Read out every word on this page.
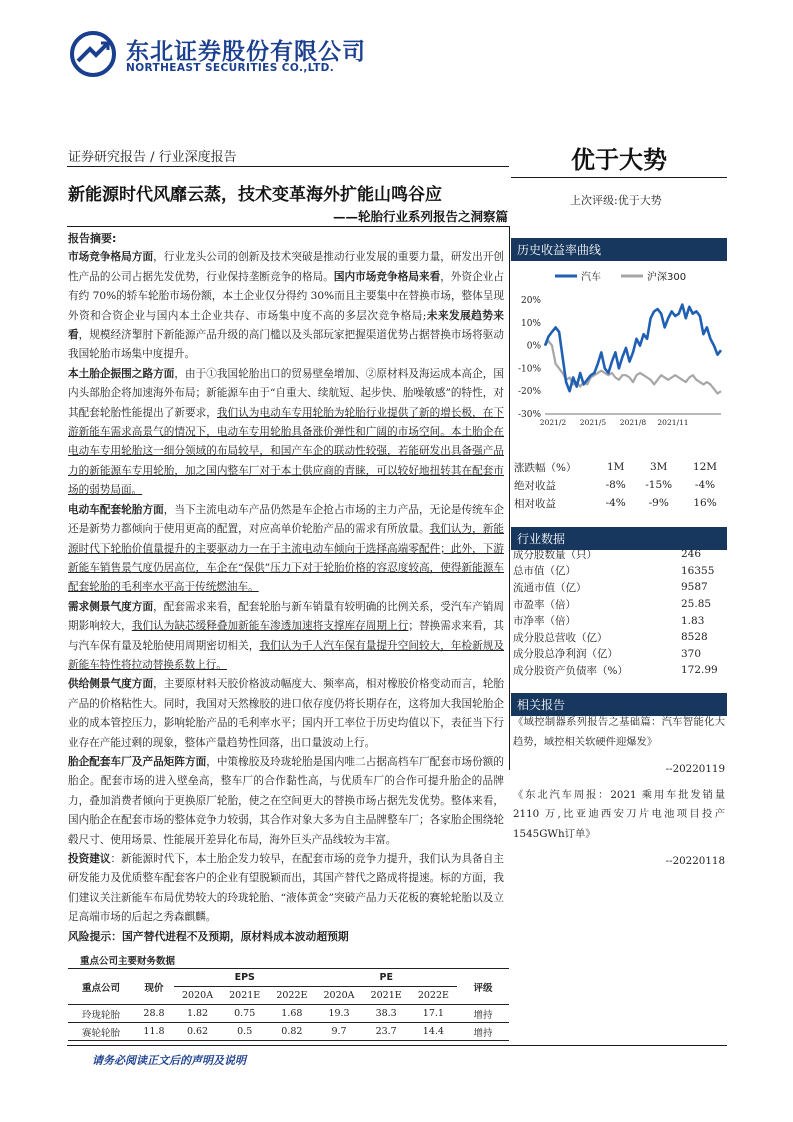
东北证券股份有限公司
NORTHEAST SECURITIES CO.,LTD.
证券研究报告 / 行业深度报告	优于大势
上次评级:优于大势
新能源时代风靡云蒸，技术变革海外扩能山鸣谷应
——轮胎行业系列报告之洞察篇
报告摘要:

市场竞争格局方面，行业龙头公司的创新及技术突破是推动行业发展的重要力量，研发出开创性产品的公司占据先发优势，行业保持垄断竞争的格局。国内市场竞争格局来看，外资企业占有约 70%的轿车轮胎市场份额，本土企业仅分得约 30%而且主要集中在替换市场，整体呈现外资和合资企业与国内本土企业共存、市场集中度不高的多层次竞争格局;未来发展趋势来看，规模经济掣肘下新能源产品升级的高门槛以及头部玩家把握渠道优势占据替换市场将驱动我国轮胎市场集中度提升。

本土胎企振围之路方面，由于①我国轮胎出口的贸易壁垒增加、②原材料及海运成本高企，国内头部胎企将加速海外布局；新能源车由于“自重大、续航短、起步快、胎噪敏感”的特性，对其配套轮胎性能提出了新要求，我们认为电动车专用轮胎为轮胎行业提供了新的增长极，在下游新能车需求高景气的情况下，电动车专用轮胎具备涨价弹性和广阔的市场空间。本土胎企在电动车专用轮胎这一细分领域的布局较早，和国产车企的联动性较强，若能研发出具备强产品力的新能源车专用轮胎，加之国内整车厂对于本土供应商的青睐，可以较好地扭转其在配套市场的弱势局面。

电动车配套轮胎方面，当下主流电动车产品仍然是车企抢占市场的主力产品，无论是传统车企还是新势力都倾向于使用更高的配置，对应高单价轮胎产品的需求有所放量。我们认为，新能源时代下轮胎价值量提升的主要驱动力一在于主流电动车倾向于选择高端零配件；此外，下游新能车销售景气度仍居高位，车企在“保供”压力下对于轮胎价格的容忍度较高，使得新能源车配套轮胎的毛利率水平高于传统燃油车。

需求侧景气度方面，配套需求来看，配套轮胎与新车销量有较明确的比例关系，受汽车产销周期影响较大，我们认为缺芯缓释叠加新能车渗透加速将支撑库存周期上行；替换需求来看，其与汽车保有量及轮胎使用周期密切相关，我们认为千人汽车保有量提升空间较大，年检新规及新能车特性将拉动替换系数上行。

供给侧景气度方面，主要原材料天胶价格波动幅度大、频率高，相对橡胶价格变动而言，轮胎产品的价格粘性大。同时，我国对天然橡胶的进口依存度仍将长期存在，这将加大我国轮胎企业的成本管控压力，影响轮胎产品的毛利率水平；国内开工率位于历史均值以下，表征当下行业存在产能过剩的现象，整体产量趋势性回落，出口量波动上行。

胎企配套车厂及产品矩阵方面，中策橡胶及玲珑轮胎是国内唯二占据高档车厂配套市场份额的胎企。配套市场的进入壁垒高，整车厂的合作黏性高，与优质车厂的合作可提升胎企的品牌力，叠加消费者倾向于更换原厂轮胎，使之在空间更大的替换市场占据先发优势。整体来看，国内胎企在配套市场的整体竞争力较弱，其合作对象大多为自主品牌整车厂；各家胎企围绕轮毂尺寸、使用场景、性能展开差异化布局，海外巨头产品线较为丰富。

投资建议：新能源时代下，本土胎企发力较早，在配套市场的竞争力提升，我们认为具备自主研发能力及优质整车配套客户的企业有望脱颖而出，其国产替代之路成将提速。标的方面，我们建议关注新能车布局优势较大的玲珑轮胎、“液体黄金”突破产品力天花板的赛轮轮胎以及立足高端市场的后起之秀森麒麟。

风险提示：国产替代进程不及预期，原材料成本波动超预期
重点公司主要财务数据
重点公司	现价	EPS			PE			评级
		2020A	2021E	2022E	2020A	2021E	2022E	
玲珑轮胎	28.8	1.82	0.75	1.68	19.3	38.3	17.1	增持
赛轮轮胎	11.8	0.62	0.5	0.82	9.7	23.7	14.4	增持
请务必阅读正文后的声明及说明
历史收益率曲线
汽车	沪深300
20%
10%
0%
-10%
-20%
-30%
2021/2 2021/5 2021/8 2021/11
涨跌幅（%）	1M	3M	12M
绝对收益	-8%	-15%	-4%
相对收益	-4%	-9%	16%
行业数据
成分股数量（只）	246
总市值（亿）	16355
流通市值（亿）	9587
市盈率（倍）	25.85
市净率（倍）	1.83
成分股总营收（亿）	8528
成分股总净利润（亿）	370
成分股资产负债率（%）	172.99
相关报告
《域控制器系列报告之基础篇：汽车智能化大趋势，域控相关软硬件迎爆发》
--20220119
《东北汽车周报：2021 乘用车批发销量 2110 万,比亚迪西安刀片电池项目投产 1545GWh订单》
--20220118
